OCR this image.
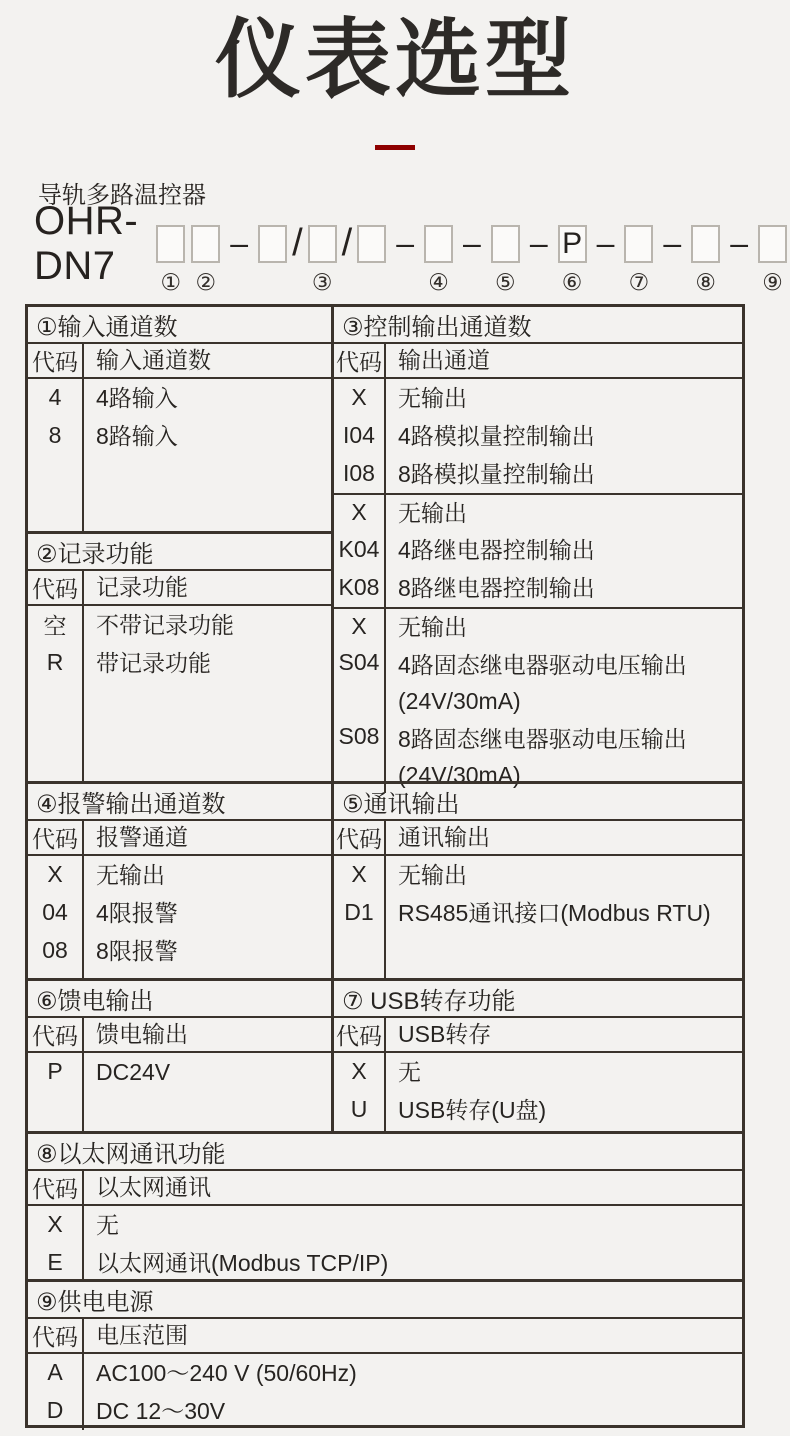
仪表选型
导轨多路温控器
OHR-DN7	① ②
– /
③
/ –
④
–
⑤
– P
⑥
–
⑦
–
⑧
–
⑨
①输入通道数
代码 输入通道数
4	4路输入
8	8路输入
②记录功能
代码 记录功能
空	不带记录功能
R	带记录功能
③控制输出通道数
代码 输出通道
X	无输出
I04	4路模拟量控制输出
I08	8路模拟量控制输出
X	无输出
K04 4路继电器控制输出
K08 8路继电器控制输出
X	无输出
S04 4路固态继电器驱动电压输出
(24V/30mA)
S08 8路固态继电器驱动电压输出
(24V/30mA)
④报警输出通道数
代码 报警通道
X	无输出
04	4限报警
08	8限报警
⑤通讯输出
代码 通讯输出
X	无输出
D1	RS485通讯接口(Modbus RTU)
⑥馈电输出
代码 馈电输出
P	DC24V
⑦ USB转存功能
代码 USB转存
X	无
U	USB转存(U盘)
⑧以太网通讯功能
代码 以太网通讯
X	无
E	以太网通讯(Modbus TCP/IP)
⑨供电电源
代码 电压范围
A	AC100～240 V (50/60Hz)
D	DC 12～30V
